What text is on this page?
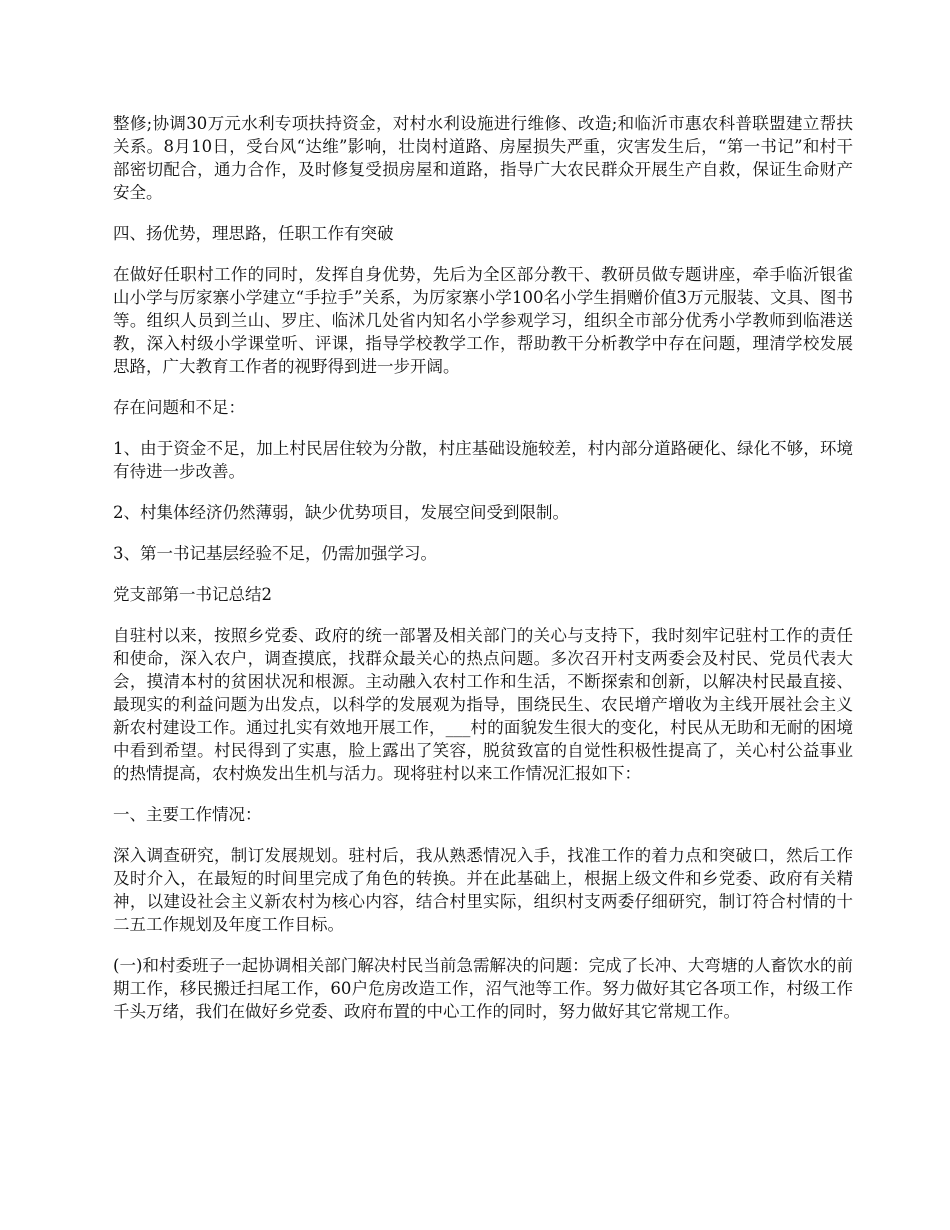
整修;协调30万元水利专项扶持资金，对村水利设施进行维修、改造;和临沂市惠农科普联盟建立帮扶关系。8月10日，受台风“达维”影响，壮岗村道路、房屋损失严重，灾害发生后，“第一书记”和村干部密切配合，通力合作，及时修复受损房屋和道路，指导广大农民群众开展生产自救，保证生命财产安全。

四、扬优势，理思路，任职工作有突破

在做好任职村工作的同时，发挥自身优势，先后为全区部分教干、教研员做专题讲座，牵手临沂银雀山小学与厉家寨小学建立“手拉手”关系，为厉家寨小学100名小学生捐赠价值3万元服装、文具、图书等。组织人员到兰山、罗庄、临沭几处省内知名小学参观学习，组织全市部分优秀小学教师到临港送教，深入村级小学课堂听、评课，指导学校教学工作，帮助教干分析教学中存在问题，理清学校发展思路，广大教育工作者的视野得到进一步开阔。

存在问题和不足：

1、由于资金不足，加上村民居住较为分散，村庄基础设施较差，村内部分道路硬化、绿化不够，环境有待进一步改善。

2、村集体经济仍然薄弱，缺少优势项目，发展空间受到限制。

3、第一书记基层经验不足，仍需加强学习。

党支部第一书记总结2

自驻村以来，按照乡党委、政府的统一部署及相关部门的关心与支持下，我时刻牢记驻村工作的责任和使命，深入农户，调查摸底，找群众最关心的热点问题。多次召开村支两委会及村民、党员代表大会，摸清本村的贫困状况和根源。主动融入农村工作和生活，不断探索和创新，以解决村民最直接、最现实的利益问题为出发点，以科学的发展观为指导，围绕民生、农民增产增收为主线开展社会主义新农村建设工作。通过扎实有效地开展工作，___村的面貌发生很大的变化，村民从无助和无耐的困境中看到希望。村民得到了实惠，脸上露出了笑容，脱贫致富的自觉性积极性提高了，关心村公益事业的热情提高，农村焕发出生机与活力。现将驻村以来工作情况汇报如下：

一、主要工作情况：

深入调查研究，制订发展规划。驻村后，我从熟悉情况入手，找准工作的着力点和突破口，然后工作及时介入，在最短的时间里完成了角色的转换。并在此基础上，根据上级文件和乡党委、政府有关精神，以建设社会主义新农村为核心内容，结合村里实际，组织村支两委仔细研究，制订符合村情的十二五工作规划及年度工作目标。

(一)和村委班子一起协调相关部门解决村民当前急需解决的问题：完成了长冲、大弯塘的人畜饮水的前期工作，移民搬迁扫尾工作，60户危房改造工作，沼气池等工作。努力做好其它各项工作，村级工作千头万绪，我们在做好乡党委、政府布置的中心工作的同时，努力做好其它常规工作。
